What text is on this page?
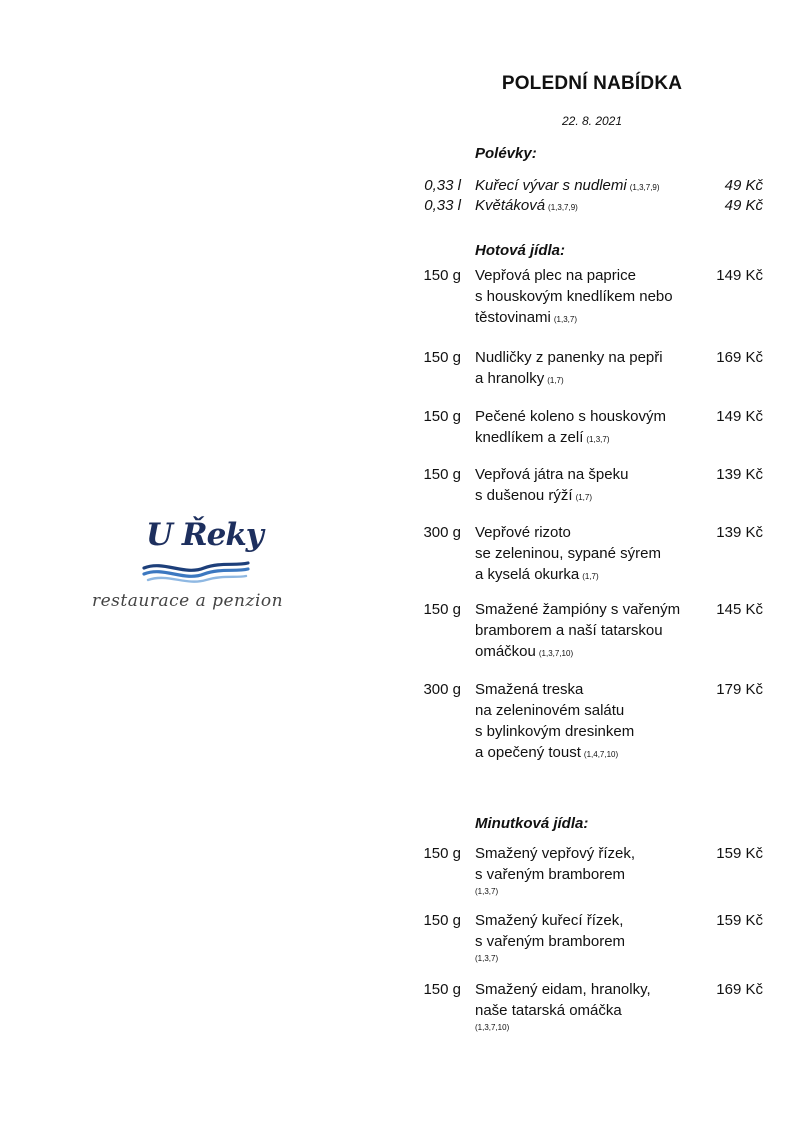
U Řeky
restaurace a penzion
POLEDNÍ NABÍDKA
22. 8. 2021
Polévky:
0,33 l Kuřecí vývar s nudlemi (1,3,7,9)	49 Kč
0,33 l Květáková (1,3,7,9)	49 Kč
Hotová jídla:
150 g Vepřová plec na paprice
s houskovým knedlíkem nebo
těstovinami (1,3,7)
149 Kč
150 g Nudličky z panenky na pepři
a hranolky (1,7)
169 Kč
150 g Pečené koleno s houskovým
knedlíkem a zelí (1,3,7)
149 Kč
150 g Vepřová játra na špeku
s dušenou rýží (1,7)
139 Kč
300 g Vepřové rizoto
se zeleninou, sypané sýrem
a kyselá okurka (1,7)
139 Kč
150 g Smažené žampióny s vařeným
bramborem a naší tatarskou
omáčkou (1,3,7,10)
145 Kč
300 g Smažená treska
na zeleninovém salátu
s bylinkovým dresinkem
a opečený toust (1,4,7,10)
179 Kč
Minutková jídla:
150 g Smažený vepřový řízek,
s vařeným bramborem
(1,3,7)
159 Kč
150 g Smažený kuřecí řízek,
s vařeným bramborem
(1,3,7)
159 Kč
150 g Smažený eidam, hranolky,
naše tatarská omáčka
(1,3,7,10)
169 Kč
